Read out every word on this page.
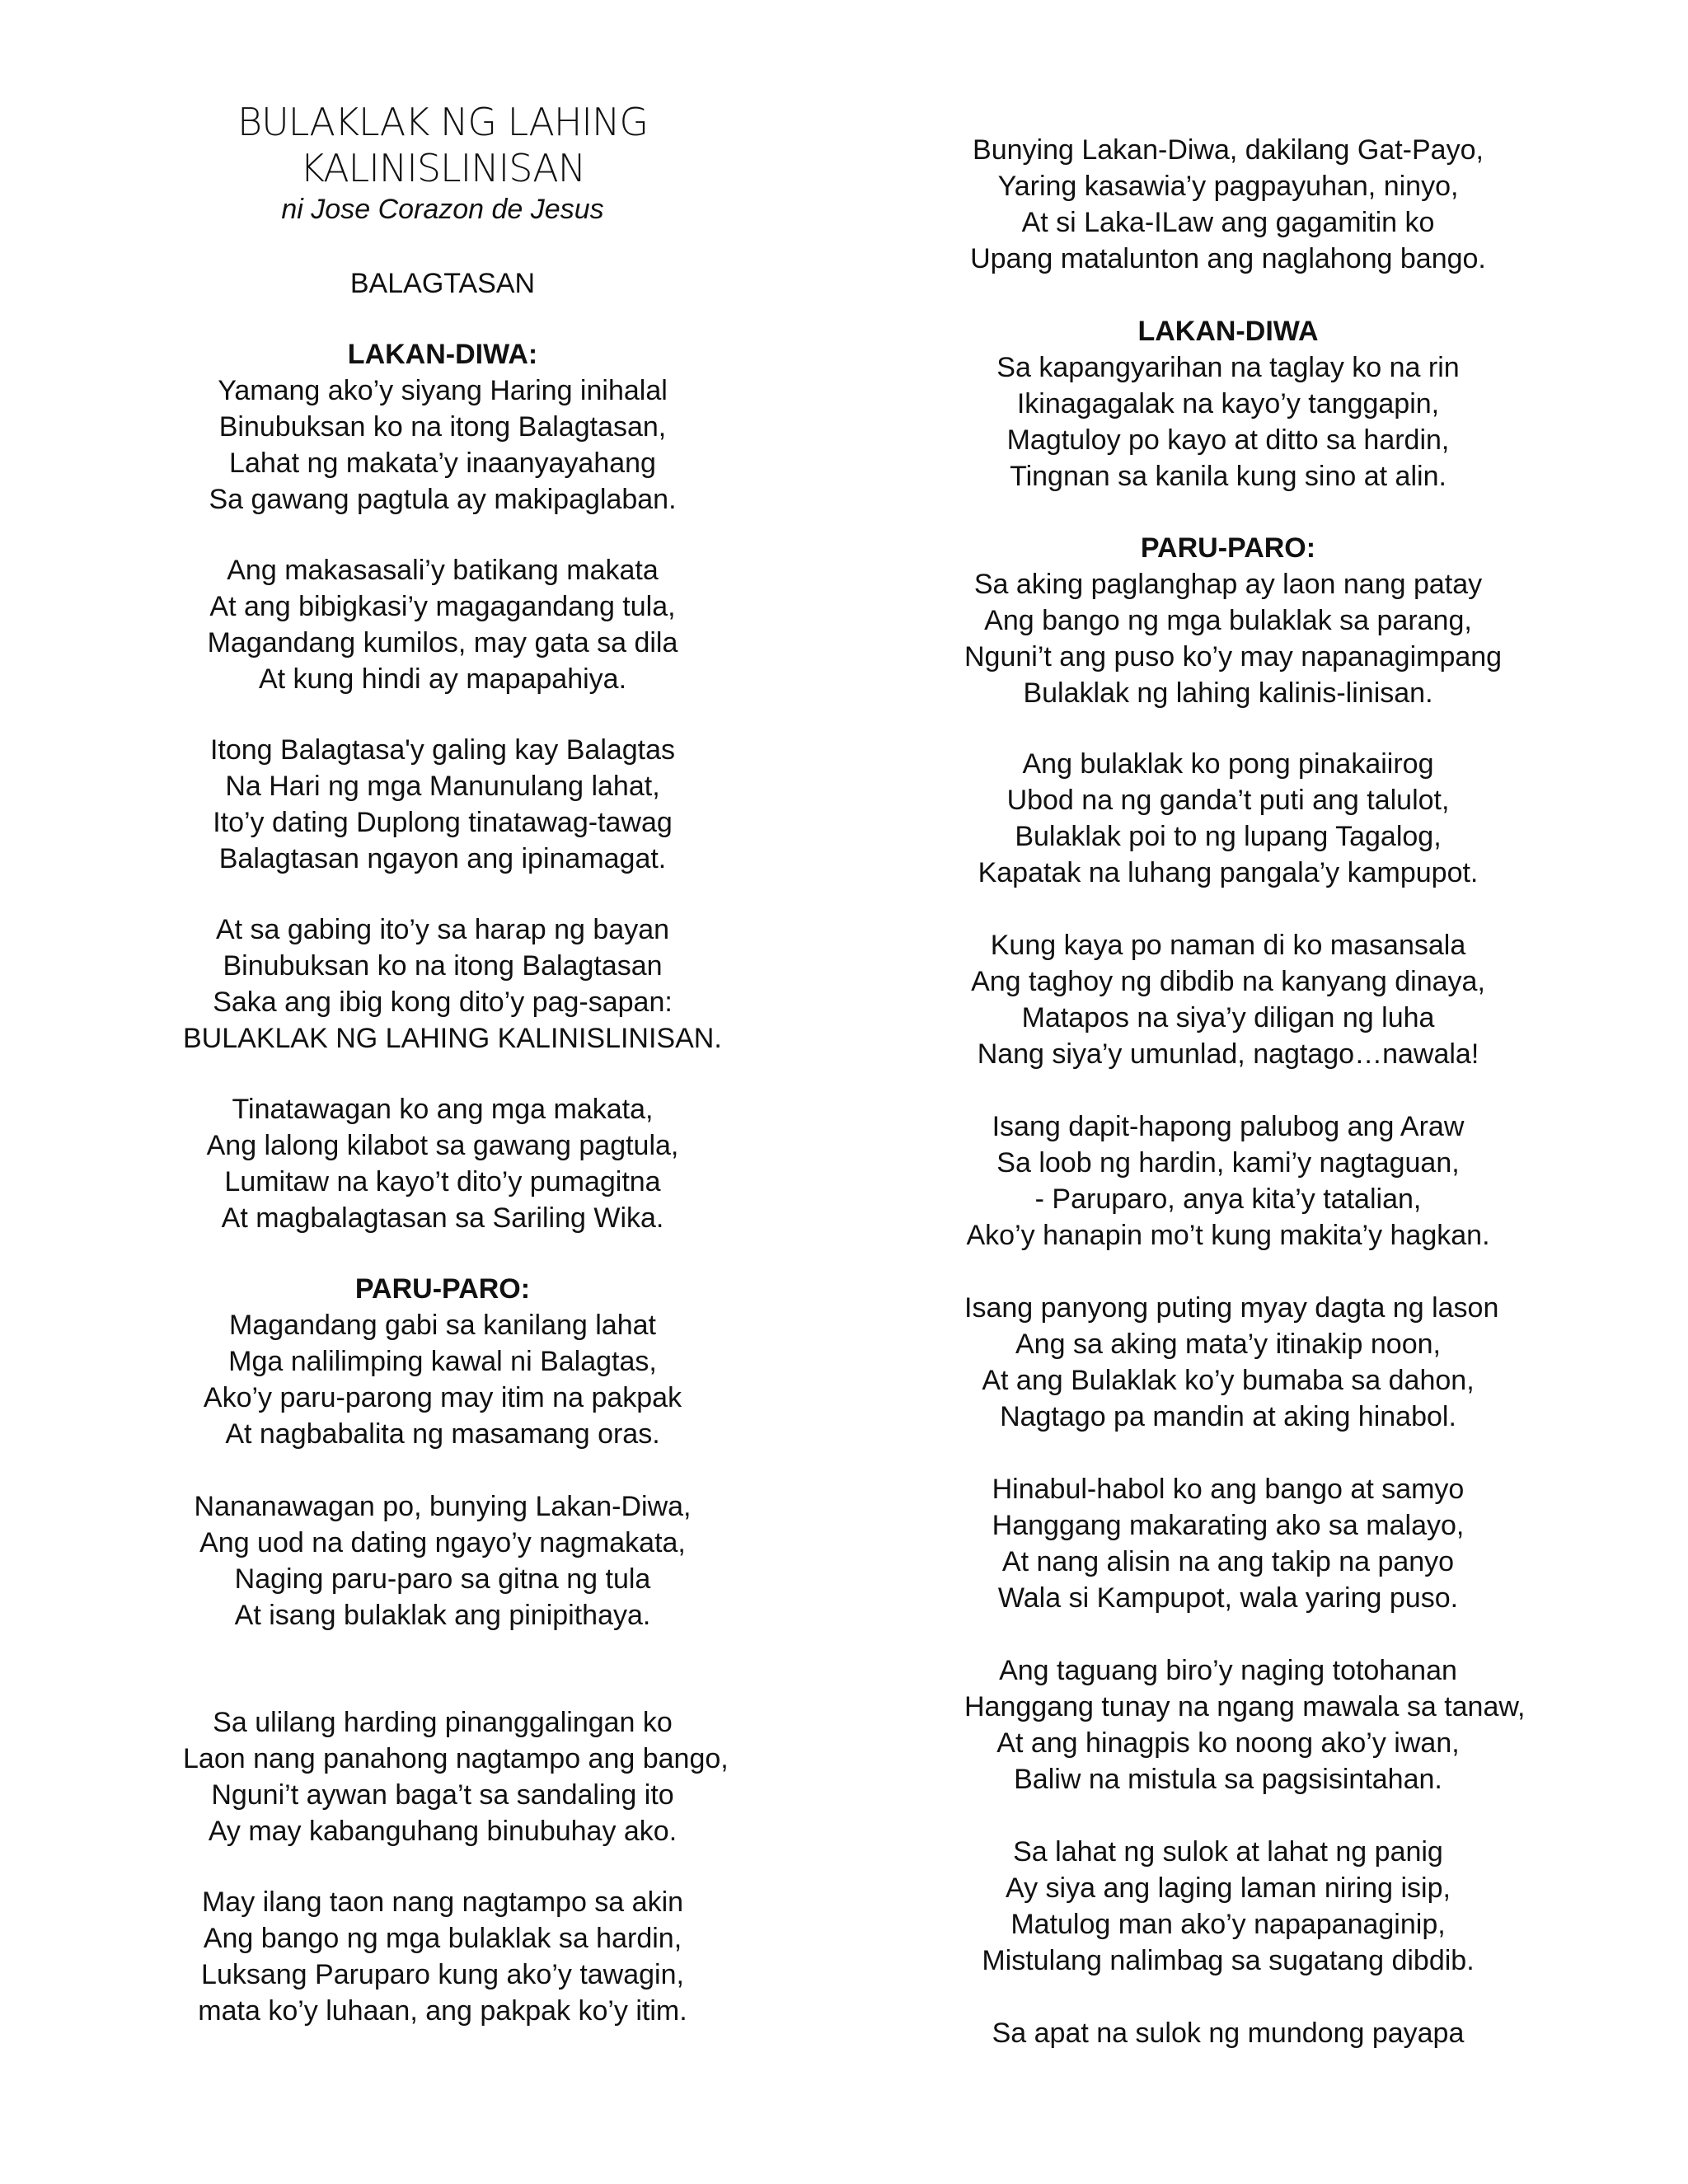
BULAKLAK NG LAHING
KALINISLINISAN
ni Jose Corazon de Jesus
BALAGTASAN
LAKAN-DIWA:
Yamang ako’y siyang Haring inihalal
Binubuksan ko na itong Balagtasan,
Lahat ng makata’y inaanyayahang
Sa gawang pagtula ay makipaglaban.
Ang makasasali’y batikang makata
At ang bibigkasi’y magagandang tula,
Magandang kumilos, may gata sa dila
At kung hindi ay mapapahiya.
Itong Balagtasa'y galing kay Balagtas
Na Hari ng mga Manunulang lahat,
Ito’y dating Duplong tinatawag-tawag
Balagtasan ngayon ang ipinamagat.
At sa gabing ito’y sa harap ng bayan
Binubuksan ko na itong Balagtasan
Saka ang ibig kong dito’y pag-sapan:
BULAKLAK NG LAHING KALINISLINISAN.
Tinatawagan ko ang mga makata,
Ang lalong kilabot sa gawang pagtula,
Lumitaw na kayo’t dito’y pumagitna
At magbalagtasan sa Sariling Wika.
PARU-PARO:
Magandang gabi sa kanilang lahat
Mga nalilimping kawal ni Balagtas,
Ako’y paru-parong may itim na pakpak
At nagbabalita ng masamang oras.
Nananawagan po, bunying Lakan-Diwa,
Ang uod na dating ngayo’y nagmakata,
Naging paru-paro sa gitna ng tula
At isang bulaklak ang pinipithaya.
Sa ulilang harding pinanggalingan ko
Laon nang panahong nagtampo ang bango,
Nguni’t aywan baga’t sa sandaling ito
Ay may kabanguhang binubuhay ako.
May ilang taon nang nagtampo sa akin
Ang bango ng mga bulaklak sa hardin,
Luksang Paruparo kung ako’y tawagin,
mata ko’y luhaan, ang pakpak ko’y itim.
Bunying Lakan-Diwa, dakilang Gat-Payo,
Yaring kasawia’y pagpayuhan, ninyo,
At si Laka-ILaw ang gagamitin ko
Upang matalunton ang naglahong bango.
LAKAN-DIWA
Sa kapangyarihan na taglay ko na rin
Ikinagagalak na kayo’y tanggapin,
Magtuloy po kayo at ditto sa hardin,
Tingnan sa kanila kung sino at alin.
PARU-PARO:
Sa aking paglanghap ay laon nang patay
Ang bango ng mga bulaklak sa parang,
Nguni’t ang puso ko’y may napanagimpang
Bulaklak ng lahing kalinis-linisan.
Ang bulaklak ko pong pinakaiirog
Ubod na ng ganda’t puti ang talulot,
Bulaklak poi to ng lupang Tagalog,
Kapatak na luhang pangala’y kampupot.
Kung kaya po naman di ko masansala
Ang taghoy ng dibdib na kanyang dinaya,
Matapos na siya’y diligan ng luha
Nang siya’y umunlad, nagtago…nawala!
Isang dapit-hapong palubog ang Araw
Sa loob ng hardin, kami’y nagtaguan,
- Paruparo, anya kita’y tatalian,
Ako’y hanapin mo’t kung makita’y hagkan.
Isang panyong puting myay dagta ng lason
Ang sa aking mata’y itinakip noon,
At ang Bulaklak ko’y bumaba sa dahon,
Nagtago pa mandin at aking hinabol.
Hinabul-habol ko ang bango at samyo
Hanggang makarating ako sa malayo,
At nang alisin na ang takip na panyo
Wala si Kampupot, wala yaring puso.
Ang taguang biro’y naging totohanan
Hanggang tunay na ngang mawala sa tanaw,
At ang hinagpis ko noong ako’y iwan,
Baliw na mistula sa pagsisintahan.
Sa lahat ng sulok at lahat ng panig
Ay siya ang laging laman niring isip,
Matulog man ako’y napapanaginip,
Mistulang nalimbag sa sugatang dibdib.
Sa apat na sulok ng mundong payapa
